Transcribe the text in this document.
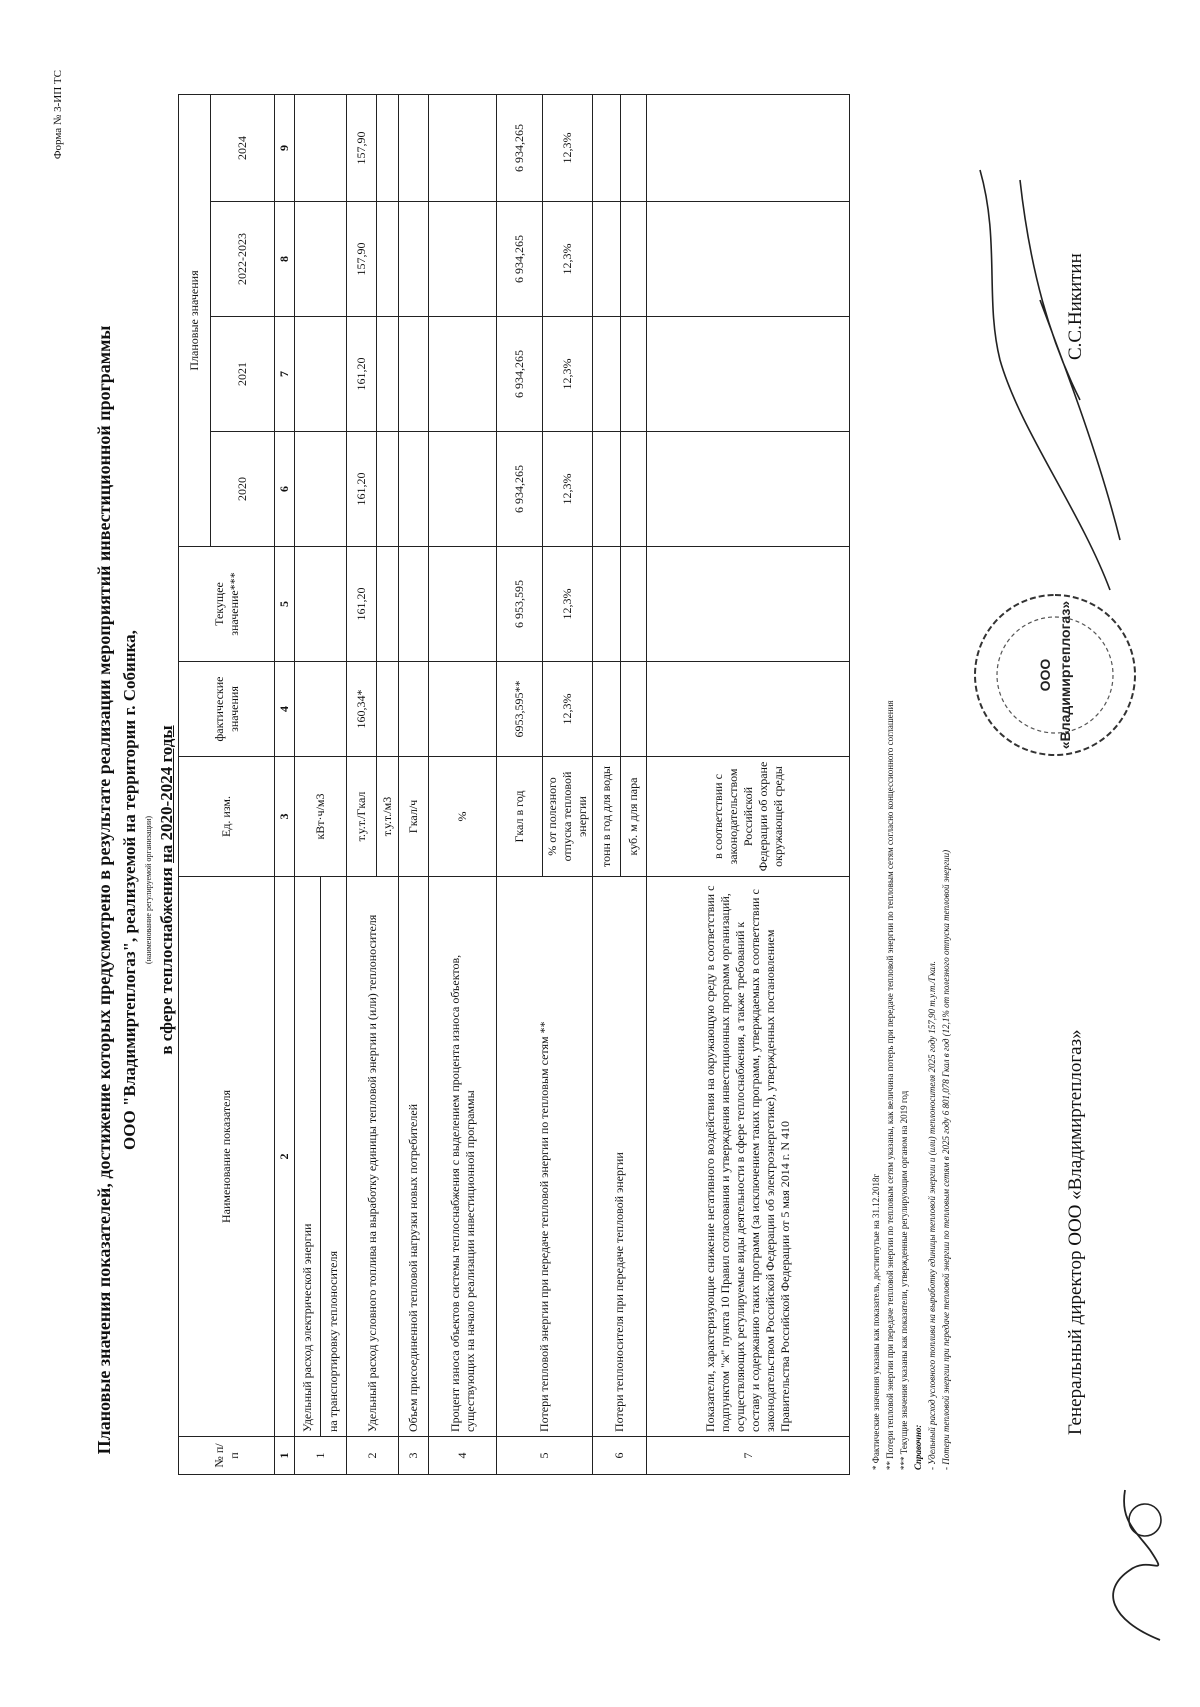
Форма № 3-ИП ТС
Плановые значения показателей, достижение которых предусмотрено в результате реализации мероприятий инвестиционной программы ООО "Владимиртеплогаз", реализуемой на территории г. Собинка, (наименование регулируемой организации) в сфере теплоснабжения на 2020-2024 годы
№ п/п	Наименование показателя	Ед. изм.	фактические значения	Текущее значение***	Плановые значения			
					2020	2021	2022-2023	2024
1	2	3	4	5	6	7	8	9
1	Удельный расход электрической энергии	кВт·ч/м3						
	на транспортировку теплоносителя							
2	Удельный расход условного топлива на выработку единицы тепловой энергии и (или) теплоносителя	т.у.т./Гкал	160,34*	161,20	161,20	161,20	157,90	157,90
		т.у.т./м3						
3	Объем присоединенной тепловой нагрузки новых потребителей	Гкал/ч						
4	Процент износа объектов системы теплоснабжения с выделением процента износа объектов, существующих на начало реализации инвестиционной программы	%						
5	Потери тепловой энергии при передаче тепловой энергии по тепловым сетям **	Гкал в год	6953,595**	6 953,595	6 934,265	6 934,265	6 934,265	6 934,265
		% от полезного отпуска тепловой энергии	12,3%	12,3%	12,3%	12,3%	12,3%	12,3%
6	Потери теплоносителя при передаче тепловой энергии	тонн в год для воды						
		куб. м для пара						
7	Показатели, характеризующие снижение негативного воздействия на окружающую среду в соответствии с подпунктом "ж" пункта 10 Правил согласования и утверждения инвестиционных программ организаций, осуществляющих регулируемые виды деятельности в сфере теплоснабжения, а также требований к составу и содержанию таких программ (за исключением таких программ, утверждаемых в соответствии с законодательством Российской Федерации об электроэнергетике), утвержденных постановлением Правительства Российской Федерации от 5 мая 2014 г. N 410	в соответствии с законодательством Российской Федерации об охране окружающей среды						
* Фактические значения указаны как показатель, достигнутые на 31.12.2018г ** Потери тепловой энергии при передаче тепловой энергии по тепловым сетям указаны, как величина потерь при передаче тепловой энергии по тепловым сетям согласно концессионного соглашения *** Текущие значения указаны как показатели, утвержденные регулирующим органом на 2019 год Справочно: - Удельный расход условного топлива на выработку единицы тепловой энергии и (или) теплоносителя 2025 году 157,90 т.у.т./Гкал. - Потери тепловой энергии при передаче тепловой энергии по тепловым сетям в 2025 году 6 801,078 Гкал в год (12,1% от полезного отпуска тепловой энергии)
ООО «Владимиртеплогаз»
Генеральный директор ООО «Владимиртеплогаз»
С.С.Никитин
